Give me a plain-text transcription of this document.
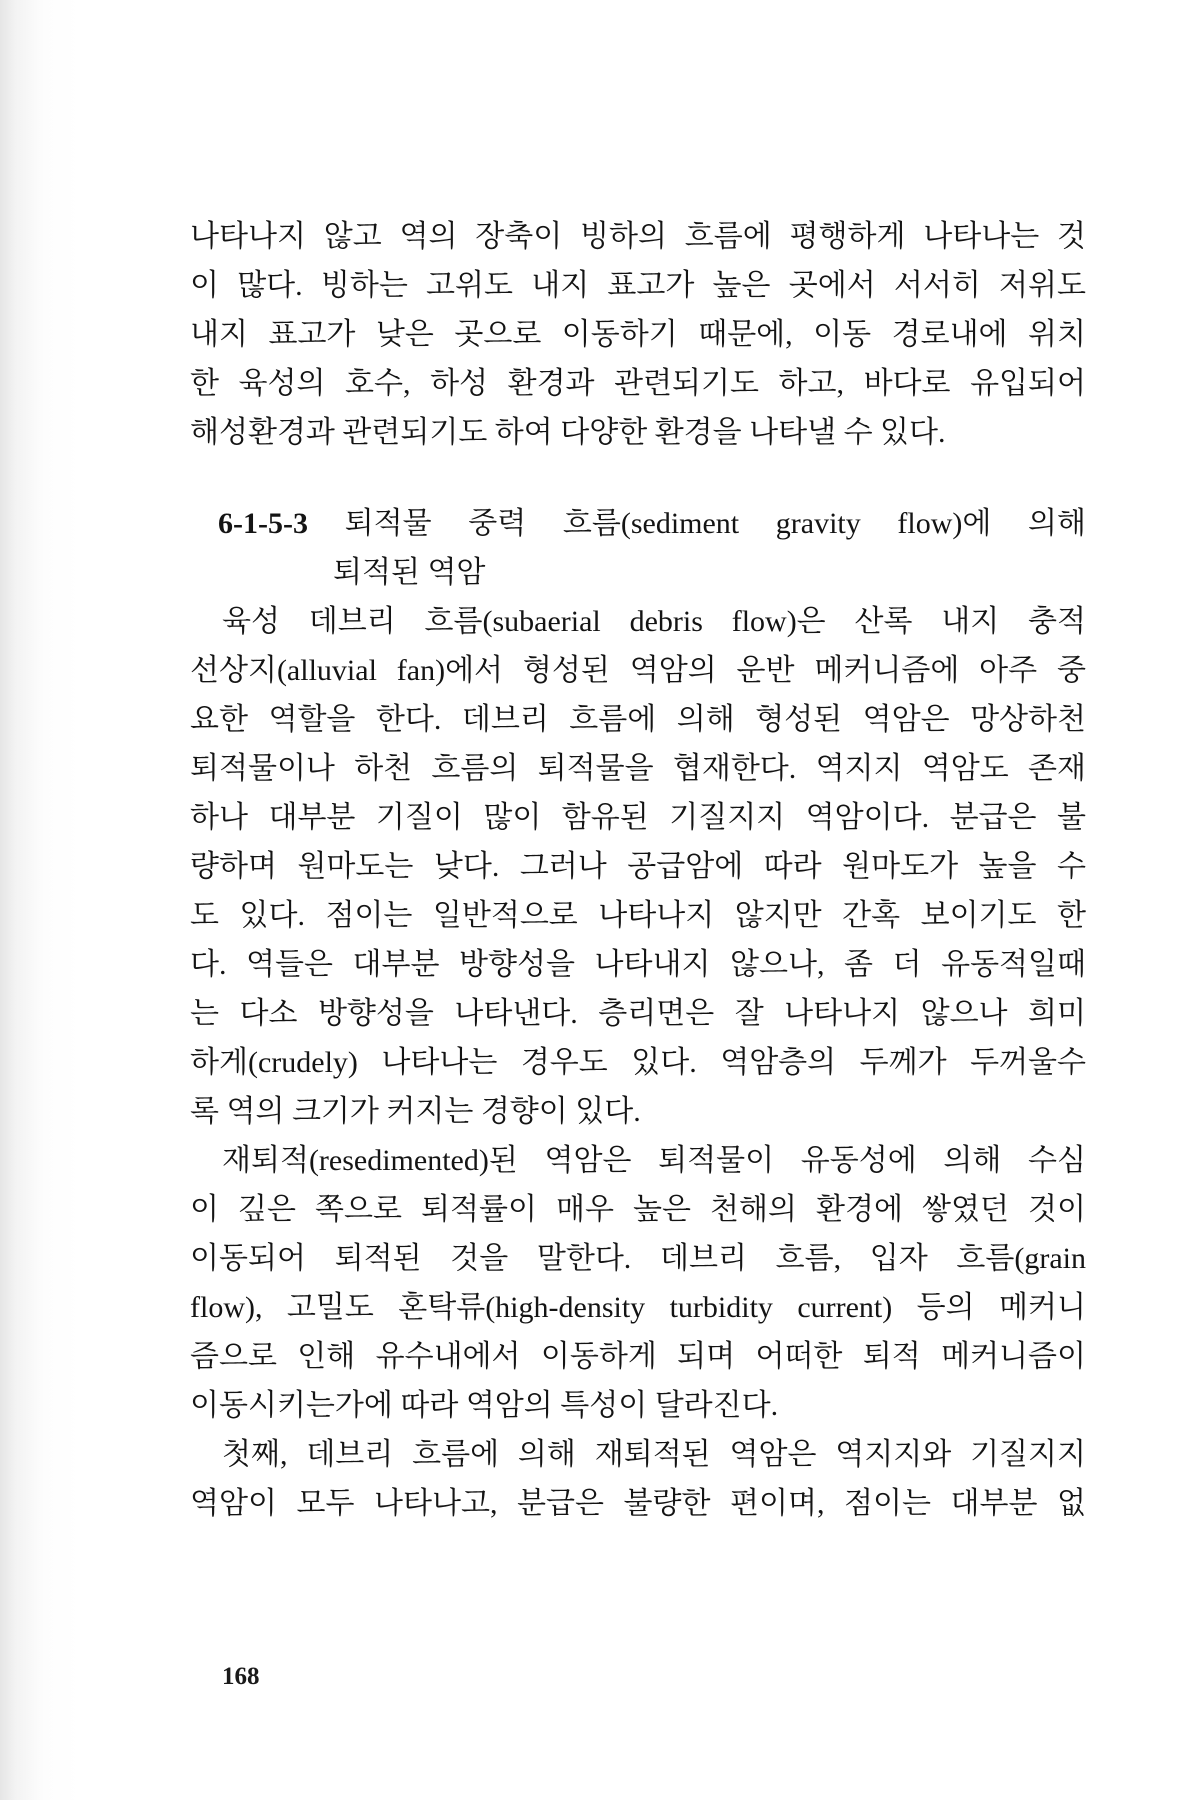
나타나지 않고 역의 장축이 빙하의 흐름에 평행하게 나타나는 것
이 많다. 빙하는 고위도 내지 표고가 높은 곳에서 서서히 저위도
내지 표고가 낮은 곳으로 이동하기 때문에, 이동 경로내에 위치
한 육성의 호수, 하성 환경과 관련되기도 하고, 바다로 유입되어
해성환경과 관련되기도 하여 다양한 환경을 나타낼 수 있다.
6-1-5-3 퇴적물 중력 흐름(sediment gravity flow)에 의해
퇴적된 역암
육성 데브리 흐름(subaerial debris flow)은 산록 내지 충적
선상지(alluvial fan)에서 형성된 역암의 운반 메커니즘에 아주 중
요한 역할을 한다. 데브리 흐름에 의해 형성된 역암은 망상하천
퇴적물이나 하천 흐름의 퇴적물을 협재한다. 역지지 역암도 존재
하나 대부분 기질이 많이 함유된 기질지지 역암이다. 분급은 불
량하며 원마도는 낮다. 그러나 공급암에 따라 원마도가 높을 수
도 있다. 점이는 일반적으로 나타나지 않지만 간혹 보이기도 한
다. 역들은 대부분 방향성을 나타내지 않으나, 좀 더 유동적일때
는 다소 방향성을 나타낸다. 층리면은 잘 나타나지 않으나 희미
하게(crudely) 나타나는 경우도 있다. 역암층의 두께가 두꺼울수
록 역의 크기가 커지는 경향이 있다.
재퇴적(resedimented)된 역암은 퇴적물이 유동성에 의해 수심
이 깊은 쪽으로 퇴적률이 매우 높은 천해의 환경에 쌓였던 것이
이동되어 퇴적된 것을 말한다. 데브리 흐름, 입자 흐름(grain
flow), 고밀도 혼탁류(high-density turbidity current) 등의 메커니
즘으로 인해 유수내에서 이동하게 되며 어떠한 퇴적 메커니즘이
이동시키는가에 따라 역암의 특성이 달라진다.
첫째, 데브리 흐름에 의해 재퇴적된 역암은 역지지와 기질지지
역암이 모두 나타나고, 분급은 불량한 편이며, 점이는 대부분 없
168
